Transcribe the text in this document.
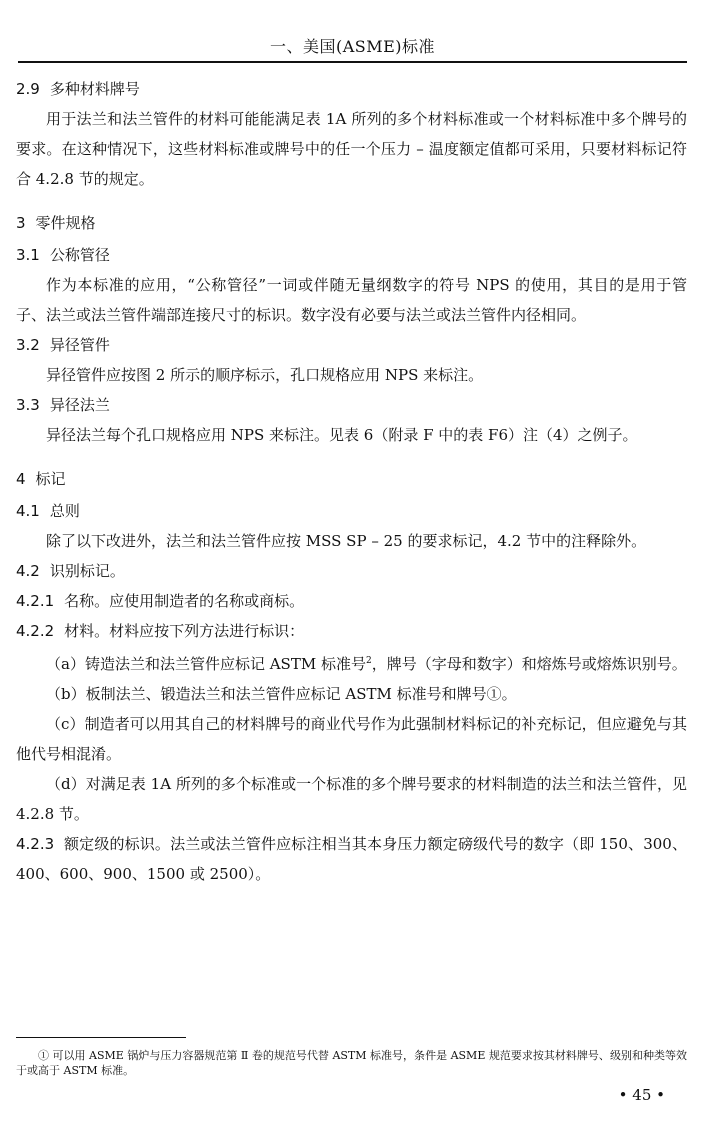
一、美国(ASME)标准
2.9 多种材料牌号

用于法兰和法兰管件的材料可能能满足表 1A 所列的多个材料标准或一个材料标准中多个牌号的要求。在这种情况下，这些材料标准或牌号中的任一个压力 – 温度额定值都可采用，只要材料标记符合 4.2.8 节的规定。

3 零件规格
3.1 公称管径

作为本标准的应用，“公称管径”一词或伴随无量纲数字的符号 NPS 的使用，其目的是用于管子、法兰或法兰管件端部连接尺寸的标识。数字没有必要与法兰或法兰管件内径相同。

3.2 异径管件

异径管件应按图 2 所示的顺序标示，孔口规格应用 NPS 来标注。

3.3 异径法兰

异径法兰每个孔口规格应用 NPS 来标注。见表 6（附录 F 中的表 F6）注（4）之例子。

4 标记
4.1 总则

除了以下改进外，法兰和法兰管件应按 MSS SP – 25 的要求标记，4.2 节中的注释除外。

4.2 识别标记。
4.2.1 名称。应使用制造者的名称或商标。
4.2.2 材料。材料应按下列方法进行标识：

（a）铸造法兰和法兰管件应标记 ASTM 标准号$^2$，牌号（字母和数字）和熔炼号或熔炼识别号。

（b）板制法兰、锻造法兰和法兰管件应标记 ASTM 标准号和牌号①。

（c）制造者可以用其自己的材料牌号的商业代号作为此强制材料标记的补充标记，但应避免与其他代号相混淆。

（d）对满足表 1A 所列的多个标准或一个标准的多个牌号要求的材料制造的法兰和法兰管件，见 4.2.8 节。

4.2.3 额定级的标识。法兰或法兰管件应标注相当其本身压力额定磅级代号的数字（即 150、300、400、600、900、1500 或 2500）。

① 可以用 ASME 锅炉与压力容器规范第 Ⅱ 卷的规范号代替 ASTM 标准号，条件是 ASME 规范要求按其材料牌号、级别和种类等效于或高于 ASTM 标准。
• 45 •
